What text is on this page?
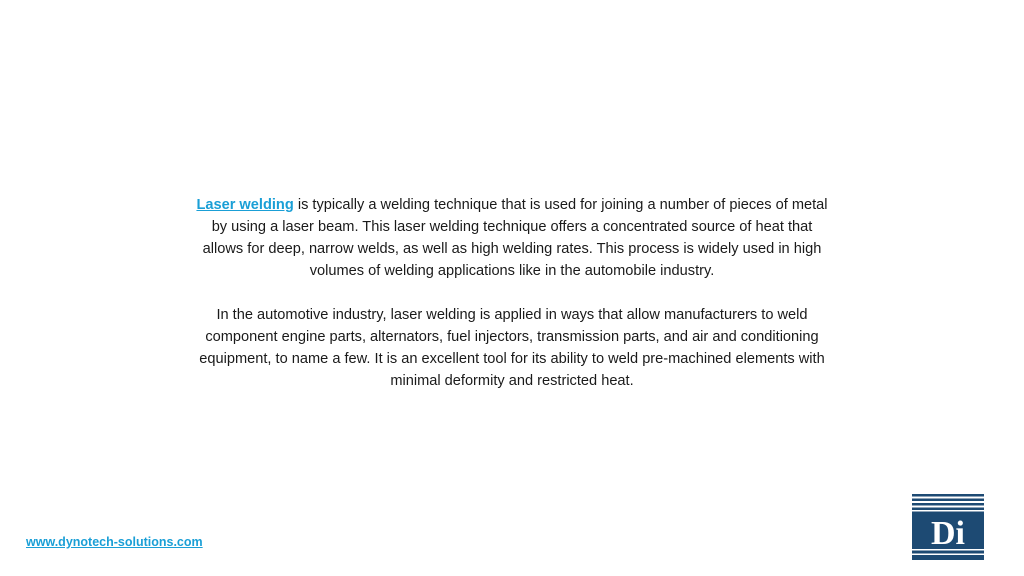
Laser welding is typically a welding technique that is used for joining a number of pieces of metal by using a laser beam. This laser welding technique offers a concentrated source of heat that allows for deep, narrow welds, as well as high welding rates. This process is widely used in high volumes of welding applications like in the automobile industry.

In the automotive industry, laser welding is applied in ways that allow manufacturers to weld component engine parts, alternators, fuel injectors, transmission parts, and air and conditioning equipment, to name a few. It is an excellent tool for its ability to weld pre-machined elements with minimal deformity and restricted heat.

www.dynotech-solutions.com	Di
